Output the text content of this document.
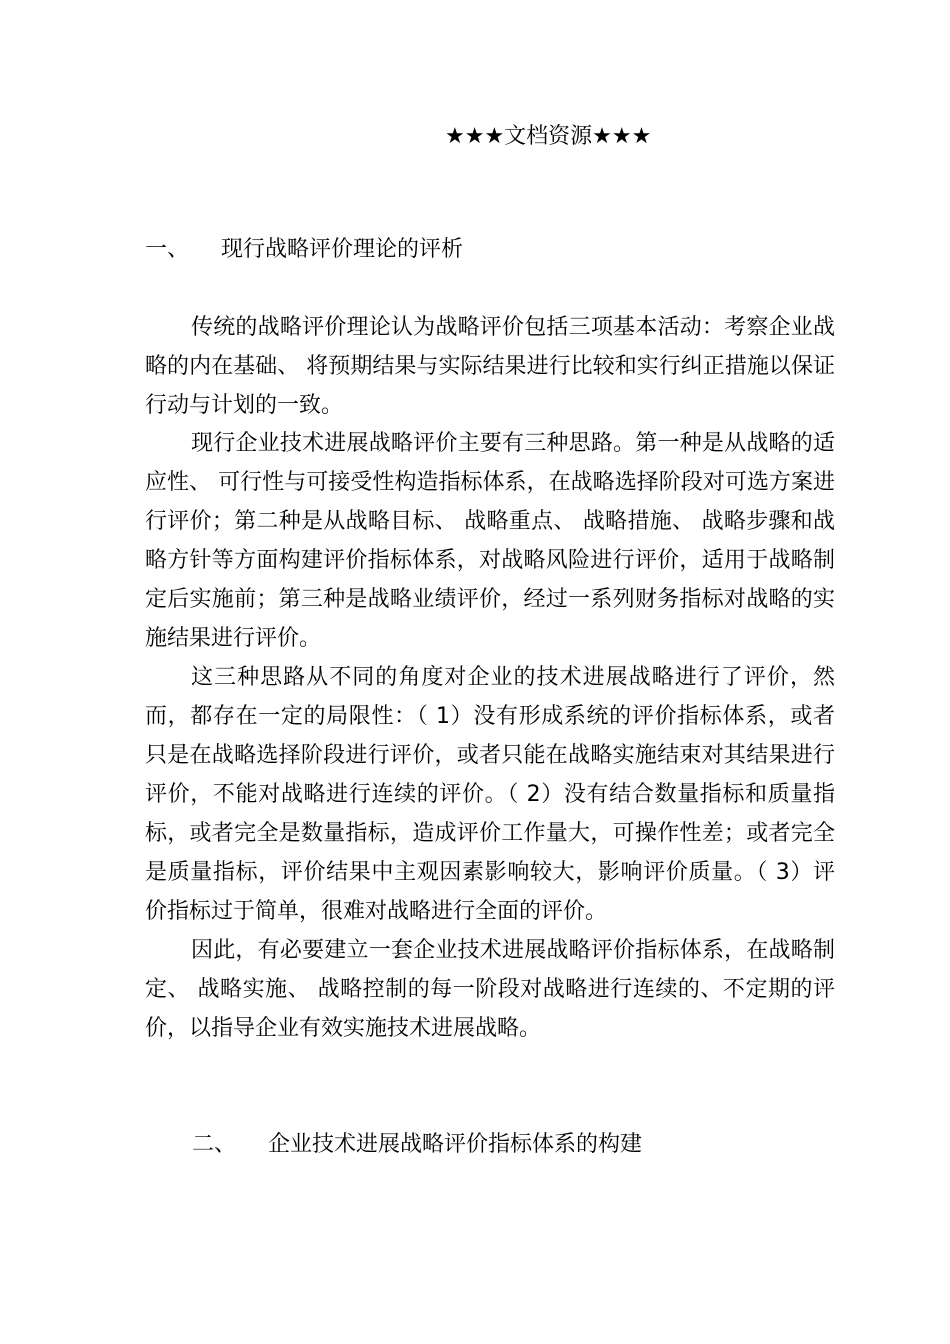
★★★文档资源★★★
一、 现行战略评价理论的评析

传统的战略评价理论认为战略评价包括三项基本活动：考察企业战略的内在基础、 将预期结果与实际结果进行比较和实行纠正措施以保证行动与计划的一致。

现行企业技术进展战略评价主要有三种思路。第一种是从战略的适应性、 可行性与可接受性构造指标体系，在战略选择阶段对可选方案进行评价；第二种是从战略目标、 战略重点、 战略措施、 战略步骤和战略方针等方面构建评价指标体系，对战略风险进行评价，适用于战略制定后实施前；第三种是战略业绩评价，经过一系列财务指标对战略的实施结果进行评价。

这三种思路从不同的角度对企业的技术进展战略进行了评价，然而，都存在一定的局限性：（ 1）没有形成系统的评价指标体系，或者只是在战略选择阶段进行评价，或者只能在战略实施结束对其结果进行评价，不能对战略进行连续的评价。（ 2）没有结合数量指标和质量指标，或者完全是数量指标，造成评价工作量大，可操作性差；或者完全是质量指标，评价结果中主观因素影响较大，影响评价质量。（ 3）评价指标过于简单，很难对战略进行全面的评价。

因此，有必要建立一套企业技术进展战略评价指标体系，在战略制定、 战略实施、 战略控制的每一阶段对战略进行连续的、不定期的评价，以指导企业有效实施技术进展战略。

二、 企业技术进展战略评价指标体系的构建
